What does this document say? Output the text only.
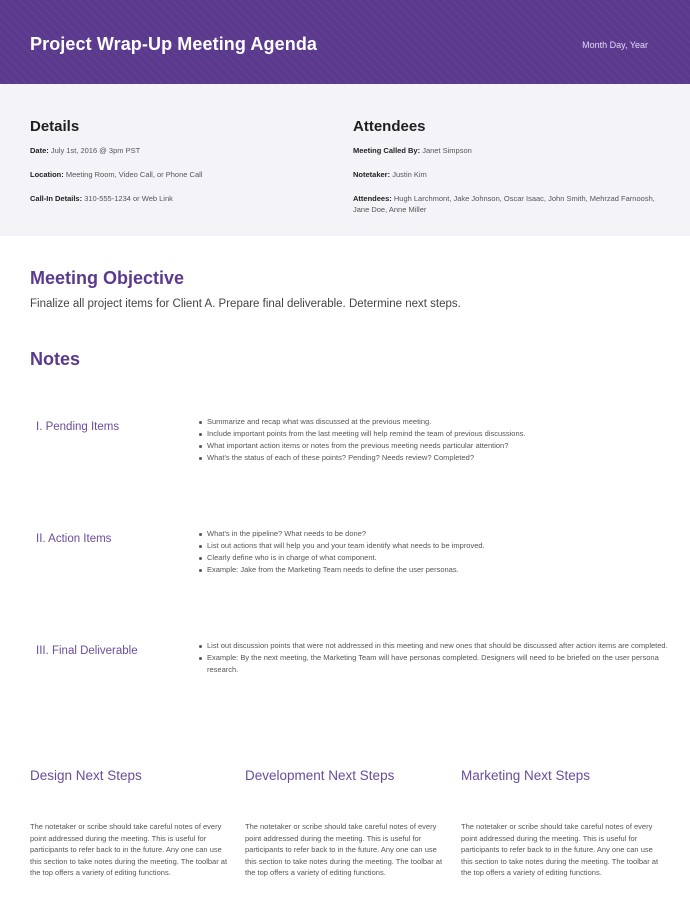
Project Wrap-Up Meeting Agenda	Month Day, Year
Details
Date: July 1st, 2016 @ 3pm PST
Location: Meeting Room, Video Call, or Phone Call
Call-In Details: 310-555-1234 or Web Link
Attendees
Meeting Called By: Janet Simpson
Notetaker: Justin Kim
Attendees: Hugh Larchmont, Jake Johnson, Oscar Isaac, John Smith, Mehrzad Farnoosh, Jane Doe, Anne Miller
Meeting Objective
Finalize all project items for Client A. Prepare final deliverable. Determine next steps.
Notes
I. Pending Items	Summarize and recap what was discussed at the previous meeting.
Include important points from the last meeting will help remind the team of previous discussions.
What important action items or notes from the previous meeting needs particular attention?
What's the status of each of these points? Pending? Needs review? Completed?
II. Action Items	What's in the pipeline? What needs to be done?
List out actions that will help you and your team identify what needs to be improved.
Clearly define who is in charge of what component.
Example: Jake from the Marketing Team needs to define the user personas.
III. Final Deliverable	List out discussion points that were not addressed in this meeting and new ones that should be discussed after action items are completed.
Example: By the next meeting, the Marketing Team will have personas completed. Designers will need to be briefed on the user persona research.
Design Next Steps
The notetaker or scribe should take careful notes of every point addressed during the meeting. This is useful for participants to refer back to in the future. Any one can use this section to take notes during the meeting. The toolbar at the top offers a variety of editing functions.
Development Next Steps
The notetaker or scribe should take careful notes of every point addressed during the meeting. This is useful for participants to refer back to in the future. Any one can use this section to take notes during the meeting. The toolbar at the top offers a variety of editing functions.
Marketing Next Steps
The notetaker or scribe should take careful notes of every point addressed during the meeting. This is useful for participants to refer back to in the future. Any one can use this section to take notes during the meeting. The toolbar at the top offers a variety of editing functions.
